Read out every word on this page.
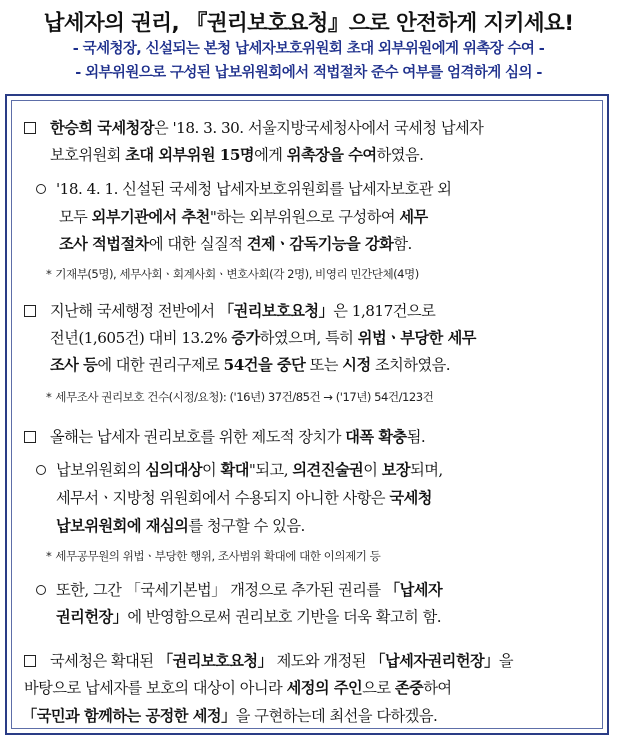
납세자의 권리, 『권리보호요청』으로 안전하게 지키세요!
- 국세청장, 신설되는 본청 납세자보호위원회 초대 외부위원에게 위촉장 수여 -
- 외부위원으로 구성된 납보위원회에서 적법절차 준수 여부를 엄격하게 심의 -
한승희 국세청장은 '18. 3. 30. 서울지방국세청사에서 국세청 납세자
보호위원회 초대 외부위원 15명에게 위촉장을 수여하였음.
'18. 4. 1. 신설된 국세청 납세자보호위원회를 납세자보호관 외
모두 외부기관에서 추천"하는 외부위원으로 구성하여 세무
조사 적법절차에 대한 실질적 견제ㆍ감독기능을 강화함.
* 기재부(5명), 세무사회ㆍ회계사회ㆍ변호사회(각 2명), 비영리 민간단체(4명)
지난해 국세행정 전반에서 「권리보호요청」은 1,817건으로
전년(1,605건) 대비 13.2% 증가하였으며, 특히 위법ㆍ부당한 세무
조사 등에 대한 권리구제로 54건을 중단 또는 시정 조치하였음.
* 세무조사 권리보호 건수(시정/요청): ('16년) 37건/85건 → ('17년) 54건/123건
올해는 납세자 권리보호를 위한 제도적 장치가 대폭 확충됨.
납보위원회의 심의대상이 확대"되고, 의견진술권이 보장되며,
세무서ㆍ지방청 위원회에서 수용되지 아니한 사항은 국세청
납보위원회에 재심의를 청구할 수 있음.
* 세무공무원의 위법ㆍ부당한 행위, 조사범위 확대에 대한 이의제기 등
또한, 그간 「국세기본법」 개정으로 추가된 권리를 「납세자
권리헌장」에 반영함으로써 권리보호 기반을 더욱 확고히 함.
국세청은 확대된 「권리보호요청」 제도와 개정된 「납세자권리헌장」을
바탕으로 납세자를 보호의 대상이 아니라 세정의 주인으로 존중하여
「국민과 함께하는 공정한 세정」을 구현하는데 최선을 다하겠음.
